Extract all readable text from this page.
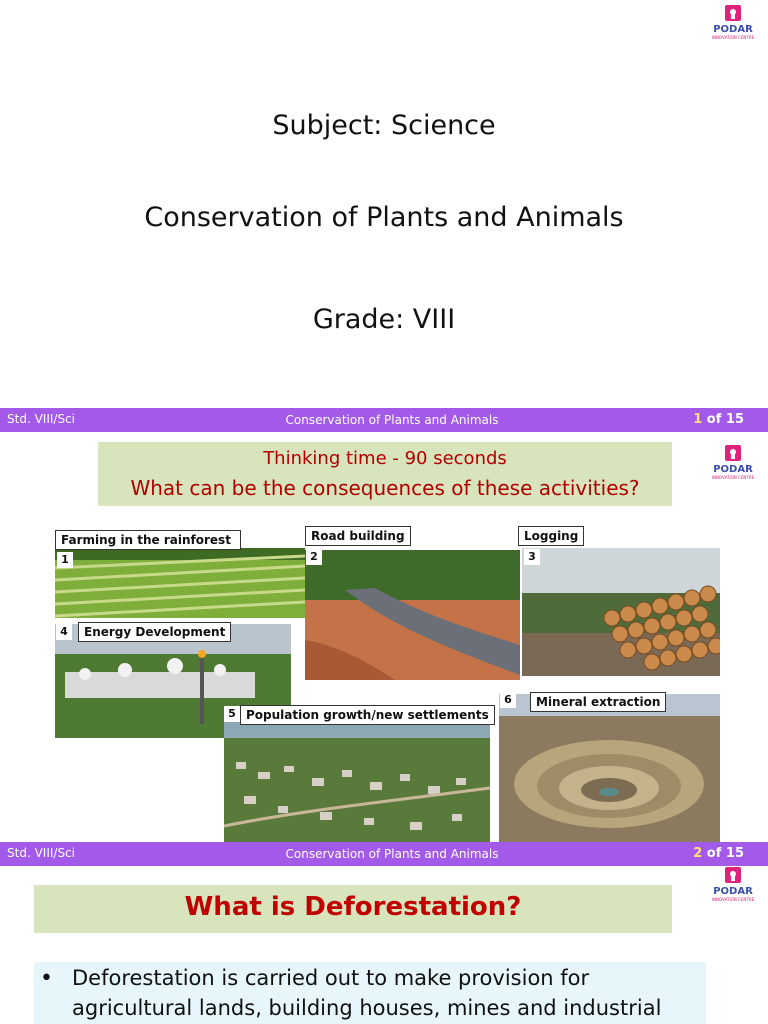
PODAR
INNOVATION CENTRE
Subject: Science
Conservation of Plants and Animals
Grade: VIII
Std. VIII/Sci	Conservation of Plants and Animals	1 of 15
PODAR
INNOVATION CENTRE
Thinking time - 90 seconds
What can be the consequences of these activities?
Farming in the rainforest
1
Road building
2
Logging
3
Energy Development
4
Population growth/new settlements
5
Mineral extraction
6
Std. VIII/Sci	Conservation of Plants and Animals	2 of 15
PODAR
INNOVATION CENTRE
What is Deforestation?
• Deforestation is carried out to make provision for
agricultural lands, building houses, mines and industrial
